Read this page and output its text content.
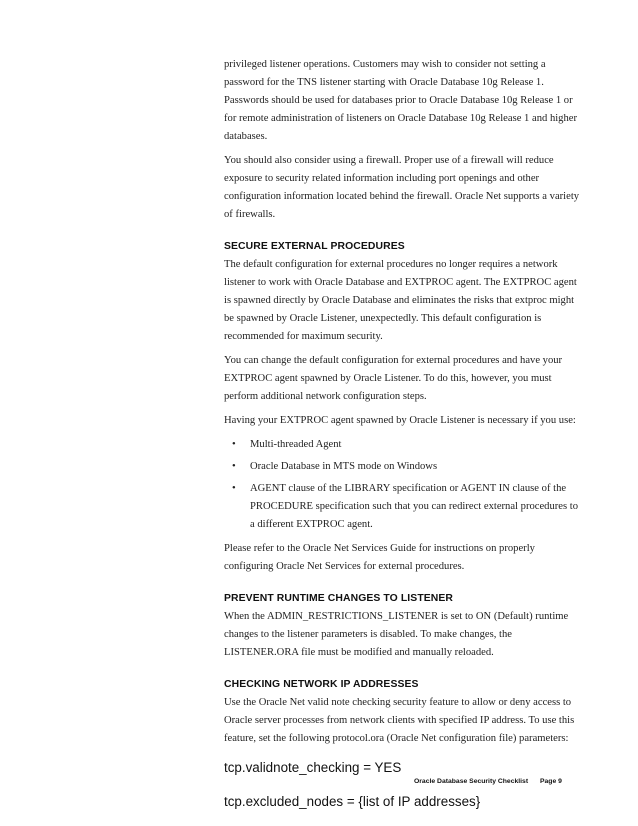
privileged listener operations. Customers may wish to consider not setting a password for the TNS listener starting with Oracle Database 10g Release 1. Passwords should be used for databases prior to Oracle Database 10g Release 1 or for remote administration of listeners on Oracle Database 10g Release 1 and higher databases.

You should also consider using a firewall. Proper use of a firewall will reduce exposure to security related information including port openings and other configuration information located behind the firewall. Oracle Net supports a variety of firewalls.

SECURE EXTERNAL PROCEDURES

The default configuration for external procedures no longer requires a network listener to work with Oracle Database and EXTPROC agent. The EXTPROC agent is spawned directly by Oracle Database and eliminates the risks that extproc might be spawned by Oracle Listener, unexpectedly. This default configuration is recommended for maximum security.

You can change the default configuration for external procedures and have your EXTPROC agent spawned by Oracle Listener. To do this, however, you must perform additional network configuration steps.

Having your EXTPROC agent spawned by Oracle Listener is necessary if you use:

• Multi-threaded Agent
• Oracle Database in MTS mode on Windows
• AGENT clause of the LIBRARY specification or AGENT IN clause of the PROCEDURE specification such that you can redirect external procedures to a different EXTPROC agent.

Please refer to the Oracle Net Services Guide for instructions on properly configuring Oracle Net Services for external procedures.

PREVENT RUNTIME CHANGES TO LISTENER

When the ADMIN_RESTRICTIONS_LISTENER is set to ON (Default) runtime changes to the listener parameters is disabled. To make changes, the LISTENER.ORA file must be modified and manually reloaded.

CHECKING NETWORK IP ADDRESSES

Use the Oracle Net valid note checking security feature to allow or deny access to Oracle server processes from network clients with specified IP address. To use this feature, set the following protocol.ora (Oracle Net configuration file) parameters:

tcp.validnote_checking = YES
tcp.excluded_nodes = {list of IP addresses}
Oracle Database Security Checklist Page 9
